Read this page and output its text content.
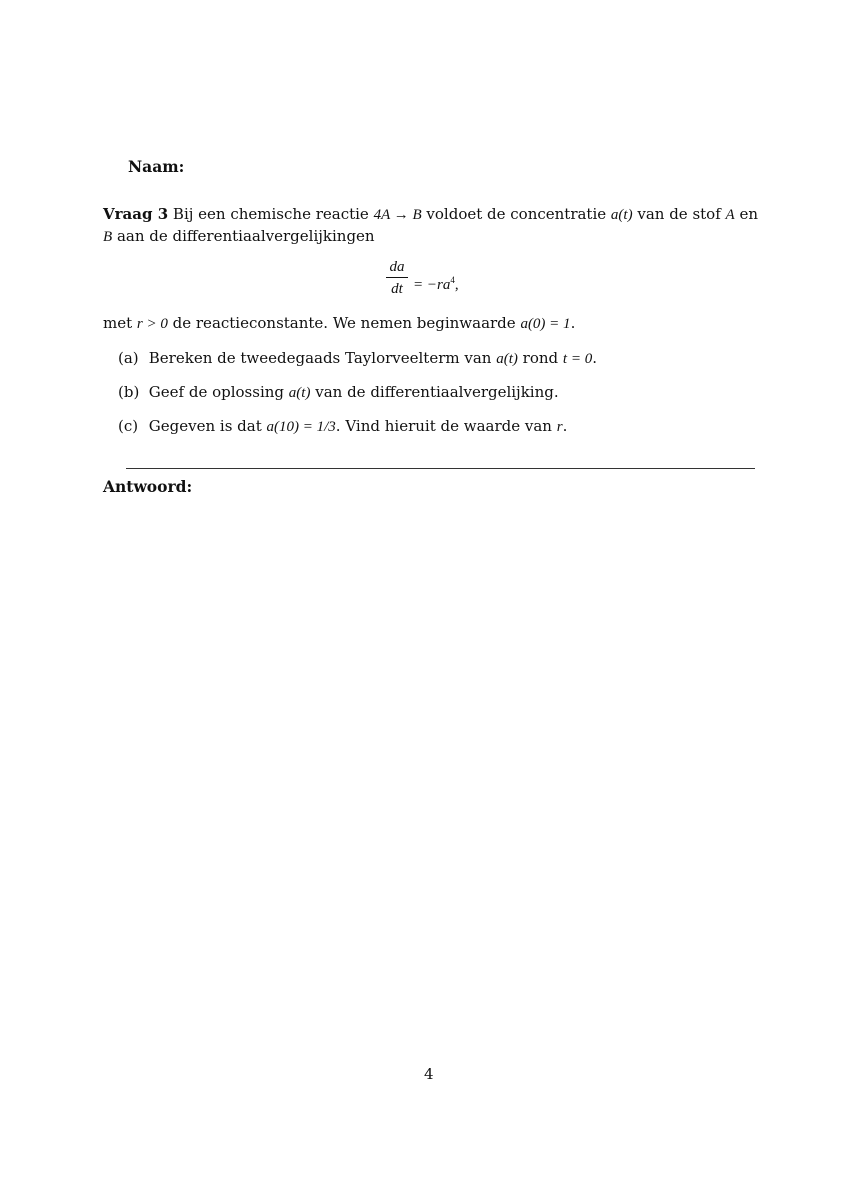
Naam:
Vraag 3 Bij een chemische reactie 4A → B voldoet de concentratie a(t) van de stof A en
B aan de differentiaalvergelijkingen
da
dt = $-ra^4$,
met r > 0 de reactieconstante. We nemen beginwaarde a(0) = 1.
(a) Bereken de tweedegaads Taylorveelterm van a(t) rond t = 0.
(b) Geef de oplossing a(t) van de differentiaalvergelijking.
(c) Gegeven is dat a(10) = 1/3. Vind hieruit de waarde van r.
Antwoord:
4
